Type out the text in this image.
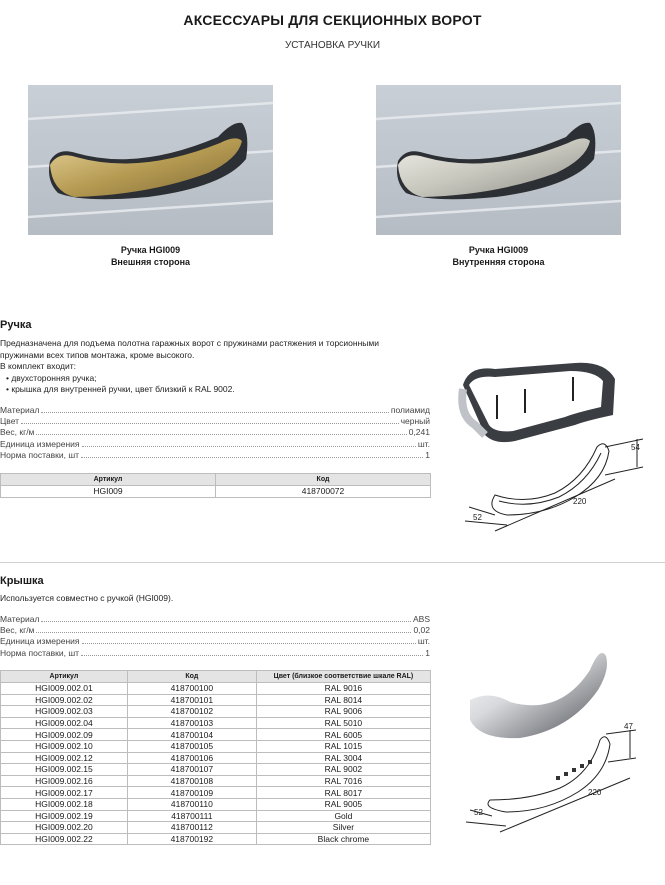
АКСЕССУАРЫ ДЛЯ СЕКЦИОННЫХ ВОРОТ
УСТАНОВКА РУЧКИ
Ручка HGI009
Внешняя сторона
Ручка HGI009
Внутренняя сторона
Ручка
Предназначена для подъема полотна гаражных ворот с пружинами растяжения и торсионными пружинами всех типов монтажа, кроме высокого.
В комплект входит:
• двухсторонняя ручка;
• крышка для внутренней ручки, цвет близкий к RAL 9002.
Материал	полиамид
Цвет	черный
Вес, кг/м	0,241
Единица измерения	шт.
Норма поставки, шт	1
Артикул	Код
HGI009	418700072
54
220
52
Крышка
Используется совместно с ручкой (HGI009).
Материал	ABS
Вес, кг/м	0,02
Единица измерения	шт.
Норма поставки, шт	1
Артикул	Код	Цвет (близкое соответствие шкале RAL)
HGI009.002.01	418700100	RAL 9016
HGI009.002.02	418700101	RAL 8014
HGI009.002.03	418700102	RAL 9006
HGI009.002.04	418700103	RAL 5010
HGI009.002.09	418700104	RAL 6005
HGI009.002.10	418700105	RAL 1015
HGI009.002.12	418700106	RAL 3004
HGI009.002.15	418700107	RAL 9002
HGI009.002.16	418700108	RAL 7016
HGI009.002.17	418700109	RAL 8017
HGI009.002.18	418700110	RAL 9005
HGI009.002.19	418700111	Gold
HGI009.002.20	418700112	Silver
HGI009.002.22	418700192	Black chrome
47
220
52
